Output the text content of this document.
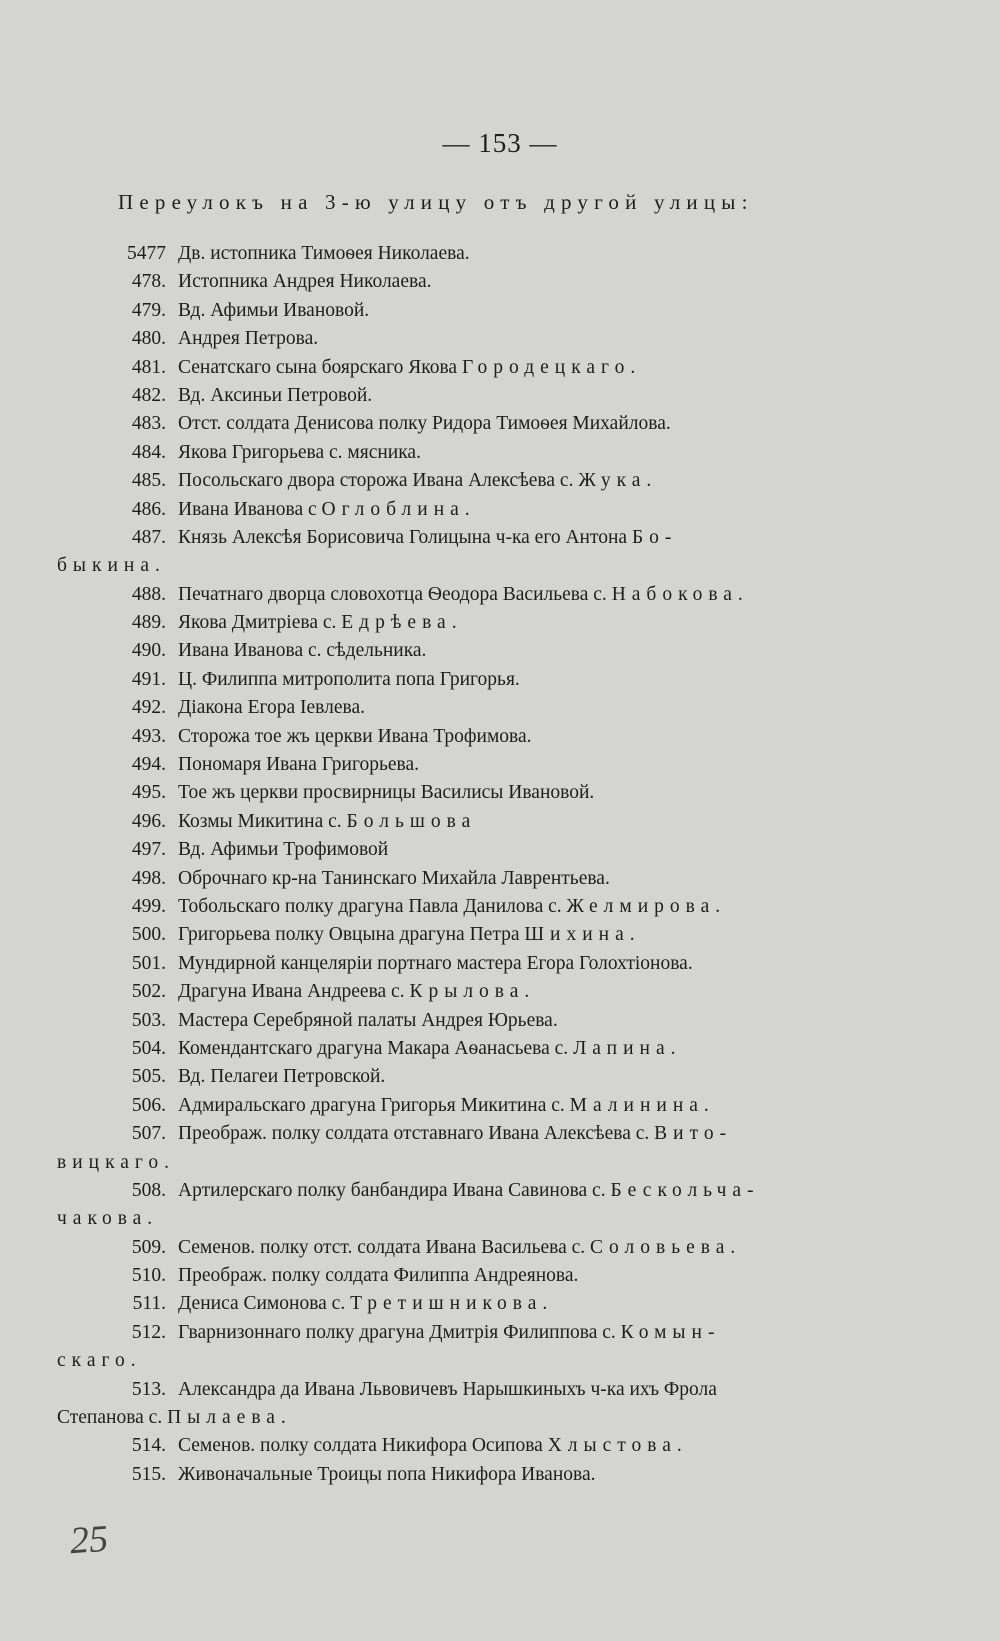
— 153 —
Переулокъ на 3-ю улицу отъ другой улицы:
5477 Дв. истопника Тимоѳея Николаева.
478. Истопника Андрея Николаева.
479. Вд. Афимьи Ивановой.
480. Андрея Петрова.
481. Сенатскаго сына боярскаго Якова Городецкаго.
482. Вд. Аксиньи Петровой.
483. Отст. солдата Денисова полку Ридора Тимоѳея Михайлова.
484. Якова Григорьева с. мясника.
485. Посольскаго двора сторожа Ивана Алексѣева с. Жука.
486. Ивана Иванова с Оглоблина.
487. Князь Алексѣя Борисовича Голицына ч-ка его Антона Бо-
быкина.
488. Печатнаго дворца словохотца Ѳеодора Васильева с. Набокова.
489. Якова Дмитріева с. Едрѣева.
490. Ивана Иванова с. сѣдельника.
491. Ц. Филиппа митрополита попа Григорья.
492. Діакона Егора Іевлева.
493. Сторожа тое жъ церкви Ивана Трофимова.
494. Пономаря Ивана Григорьева.
495. Тое жъ церкви просвирницы Василисы Ивановой.
496. Козмы Микитина с. Большова
497. Вд. Афимьи Трофимовой
498. Оброчнаго кр-на Танинскаго Михайла Лаврентьева.
499. Тобольскаго полку драгуна Павла Данилова с. Желмирова.
500. Григорьева полку Овцына драгуна Петра Шихина.
501. Мундирной канцеляріи портнаго мастера Егора Голохтіонова.
502. Драгуна Ивана Андреева с. Крылова.
503. Мастера Серебряной палаты Андрея Юрьева.
504. Комендантскаго драгуна Макара Аѳанасьева с. Лапина.
505. Вд. Пелагеи Петровской.
506. Адмиральскаго драгуна Григорья Микитина с. Малинина.
507. Преображ. полку солдата отставнаго Ивана Алексѣева с. Вито-
вицкаго.
508. Артилерскаго полку банбандира Ивана Савинова с. Бескольча-
чакова.
509. Семенов. полку отст. солдата Ивана Васильева с. Соловьева.
510. Преображ. полку солдата Филиппа Андреянова.
511. Дениса Симонова с. Третишникова.
512. Гварнизоннаго полку драгуна Дмитрія Филиппова с. Комын-
скаго.
513. Александра да Ивана Львовичевъ Нарышкиныхъ ч-ка ихъ Фрола
Степанова с. Пылаева.
514. Семенов. полку солдата Никифора Осипова Хлыстова.
515. Живоначальные Троицы попа Никифора Иванова.
25
